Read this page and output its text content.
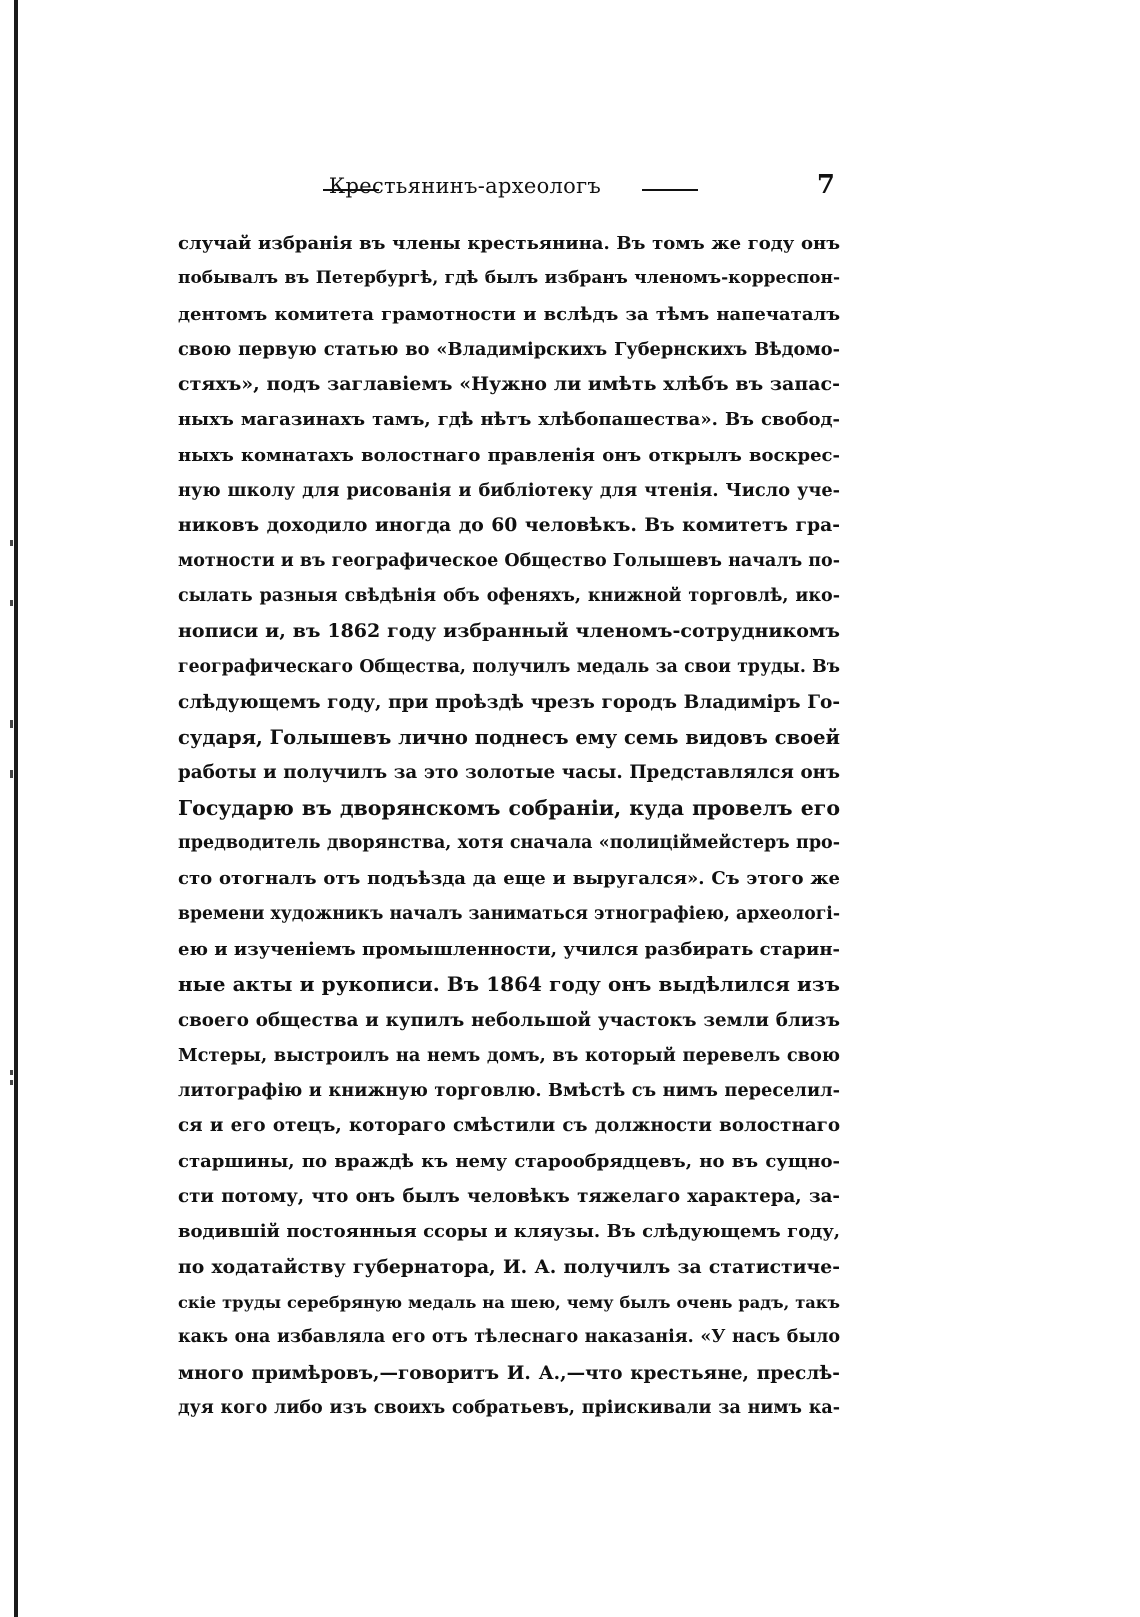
Крестьянинъ-археологъ	7
случай избранія въ члены крестьянина. Въ томъ же году онъ
побывалъ въ Петербургѣ, гдѣ былъ избранъ членомъ-корреспон-
дентомъ комитета грамотности и вслѣдъ за тѣмъ напечаталъ
свою первую статью во «Владимірскихъ Губернскихъ Вѣдомо-
стяхъ», подъ заглавіемъ «Нужно ли имѣть хлѣбъ въ запас-
ныхъ магазинахъ тамъ, гдѣ нѣтъ хлѣбопашества». Въ свобод-
ныхъ комнатахъ волостнаго правленія онъ открылъ воскрес-
ную школу для рисованія и библіотеку для чтенія. Число уче-
никовъ доходило иногда до 60 человѣкъ. Въ комитетъ гра-
мотности и въ географическое Общество Голышевъ началъ по-
сылать разныя свѣдѣнія объ офеняхъ, книжной торговлѣ, ико-
нописи и, въ 1862 году избранный членомъ-сотрудникомъ
географическаго Общества, получилъ медаль за свои труды. Въ
слѣдующемъ году, при проѣздѣ чрезъ городъ Владиміръ Го-
сударя, Голышевъ лично поднесъ ему семь видовъ своей
работы и получилъ за это золотые часы. Представлялся онъ
Государю въ дворянскомъ собраніи, куда провелъ его
предводитель дворянства, хотя сначала «полиціймейстеръ про-
сто отогналъ отъ подъѣзда да еще и выругался». Съ этого же
времени художникъ началъ заниматься этнографіею, археологі-
ею и изученіемъ промышленности, учился разбирать старин-
ные акты и рукописи. Въ 1864 году онъ выдѣлился изъ
своего общества и купилъ небольшой участокъ земли близъ
Мстеры, выстроилъ на немъ домъ, въ который перевелъ свою
литографію и книжную торговлю. Вмѣстѣ съ нимъ переселил-
ся и его отецъ, котораго смѣстили съ должности волостнаго
старшины, по враждѣ къ нему старообрядцевъ, но въ сущно-
сти потому, что онъ былъ человѣкъ тяжелаго характера, за-
водившій постоянныя ссоры и кляузы. Въ слѣдующемъ году,
по ходатайству губернатора, И. А. получилъ за статистиче-
скіе труды серебряную медаль на шею, чему былъ очень радъ, такъ
какъ она избавляла его отъ тѣлеснаго наказанія. «У насъ было
много примѣровъ,—говоритъ И. А.,—что крестьяне, преслѣ-
дуя кого либо изъ своихъ собратьевъ, пріискивали за нимъ ка-
